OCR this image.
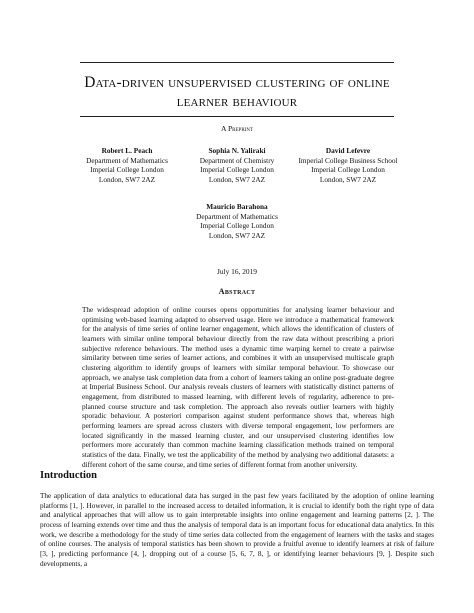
Data-driven unsupervised clustering of online
learner behaviour
A Preprint
Robert L. Peach
Department of Mathematics
Imperial College London
London, SW7 2AZ
Sophia N. Yaliraki
Department of Chemistry
Imperial College London
London, SW7 2AZ
David Lefevre
Imperial College Business School
Imperial College London
London, SW7 2AZ
Mauricio Barahona
Department of Mathematics
Imperial College London
London, SW7 2AZ
July 16, 2019
Abstract
The widespread adoption of online courses opens opportunities for analysing learner behaviour and optimising web-based learning adapted to observed usage. Here we introduce a mathematical framework for the analysis of time series of online learner engagement, which allows the identification of clusters of learners with similar online temporal behaviour directly from the raw data without prescribing a priori subjective reference behaviours. The method uses a dynamic time warping kernel to create a pairwise similarity between time series of learner actions, and combines it with an unsupervised multiscale graph clustering algorithm to identify groups of learners with similar temporal behaviour. To showcase our approach, we analyse task completion data from a cohort of learners taking an online post-graduate degree at Imperial Business School. Our analysis reveals clusters of learners with statistically distinct patterns of engagement, from distributed to massed learning, with different levels of regularity, adherence to pre-planned course structure and task completion. The approach also reveals outlier learners with highly sporadic behaviour. A posteriori comparison against student performance shows that, whereas high performing learners are spread across clusters with diverse temporal engagement, low performers are located significantly in the massed learning cluster, and our unsupervised clustering identifies low performers more accurately than common machine learning classification methods trained on temporal statistics of the data. Finally, we test the applicability of the method by analysing two additional datasets: a different cohort of the same course, and time series of different format from another university.
Introduction
The application of data analytics to educational data has surged in the past few years facilitated by the adoption of online learning platforms [1, ]. However, in parallel to the increased access to detailed information, it is crucial to identify both the right type of data and analytical approaches that will allow us to gain interpretable insights into online engagement and learning patterns [2, ]. The process of learning extends over time and thus the analysis of temporal data is an important focus for educational data analytics. In this work, we describe a methodology for the study of time series data collected from the engagement of learners with the tasks and stages of online courses. The analysis of temporal statistics has been shown to provide a fruitful avenue to identify learners at risk of failure [3, ], predicting performance [4, ], dropping out of a course [5, 6, 7, 8, ], or identifying learner behaviours [9, ]. Despite such developments, a
